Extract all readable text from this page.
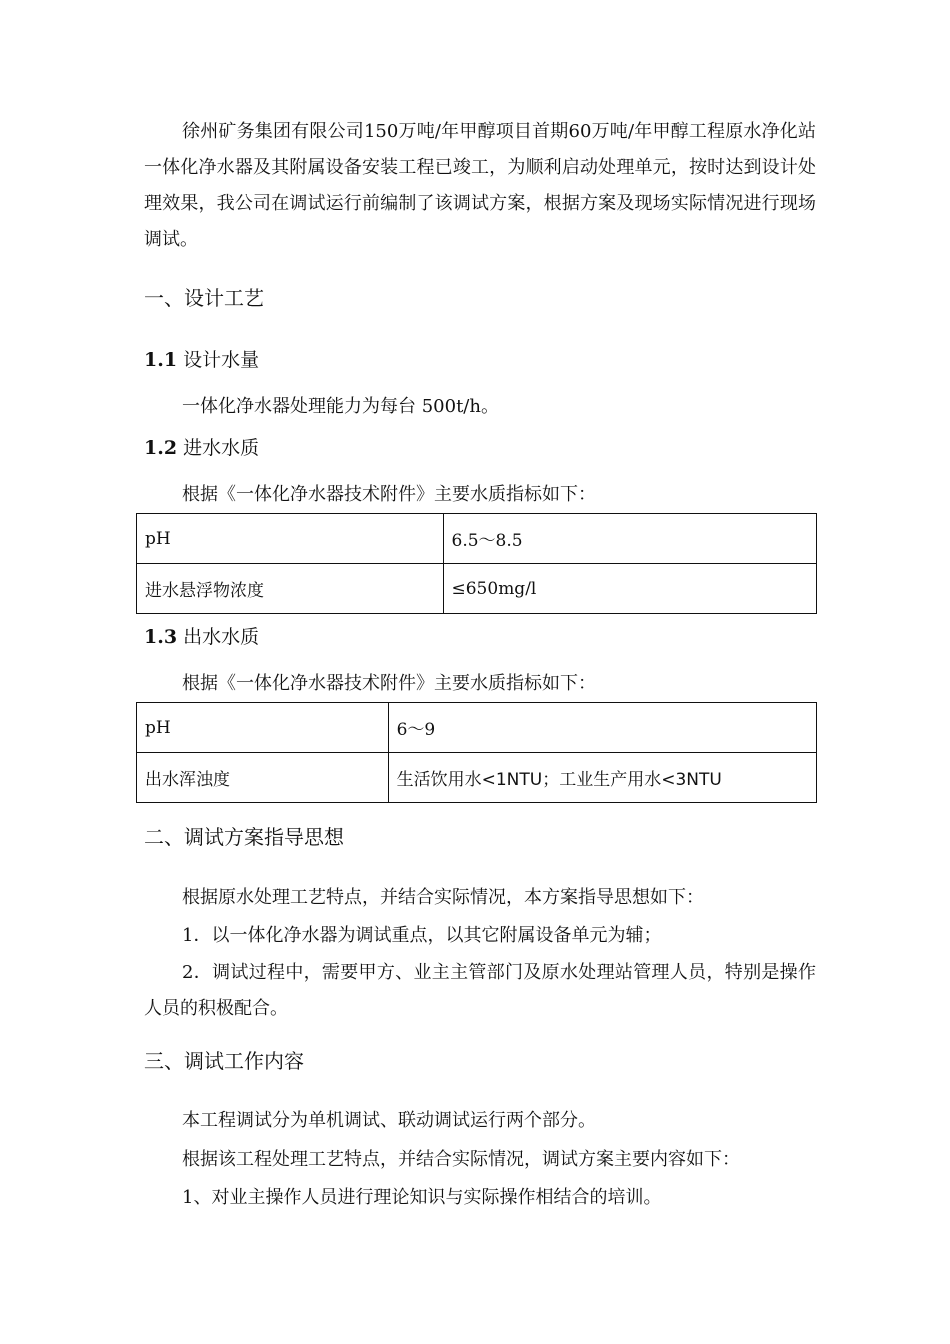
徐州矿务集团有限公司150万吨/年甲醇项目首期60万吨/年甲醇工程原水净化站一体化净水器及其附属设备安装工程已竣工，为顺利启动处理单元，按时达到设计处理效果，我公司在调试运行前编制了该调试方案，根据方案及现场实际情况进行现场调试。

一、设计工艺
1.1 设计水量

一体化净水器处理能力为每台 500t/h。

1.2 进水水质

根据《一体化净水器技术附件》主要水质指标如下：

pH	6.5～8.5
进水悬浮物浓度	≤650mg/l
1.3 出水水质

根据《一体化净水器技术附件》主要水质指标如下：

pH	6～9
出水浑浊度	生活饮用水<1NTU；工业生产用水<3NTU
二、调试方案指导思想

根据原水处理工艺特点，并结合实际情况，本方案指导思想如下：

1．以一体化净水器为调试重点，以其它附属设备单元为辅；

2．调试过程中，需要甲方、业主主管部门及原水处理站管理人员，特别是操作人员的积极配合。

三、调试工作内容

本工程调试分为单机调试、联动调试运行两个部分。

根据该工程处理工艺特点，并结合实际情况，调试方案主要内容如下：

1、对业主操作人员进行理论知识与实际操作相结合的培训。
